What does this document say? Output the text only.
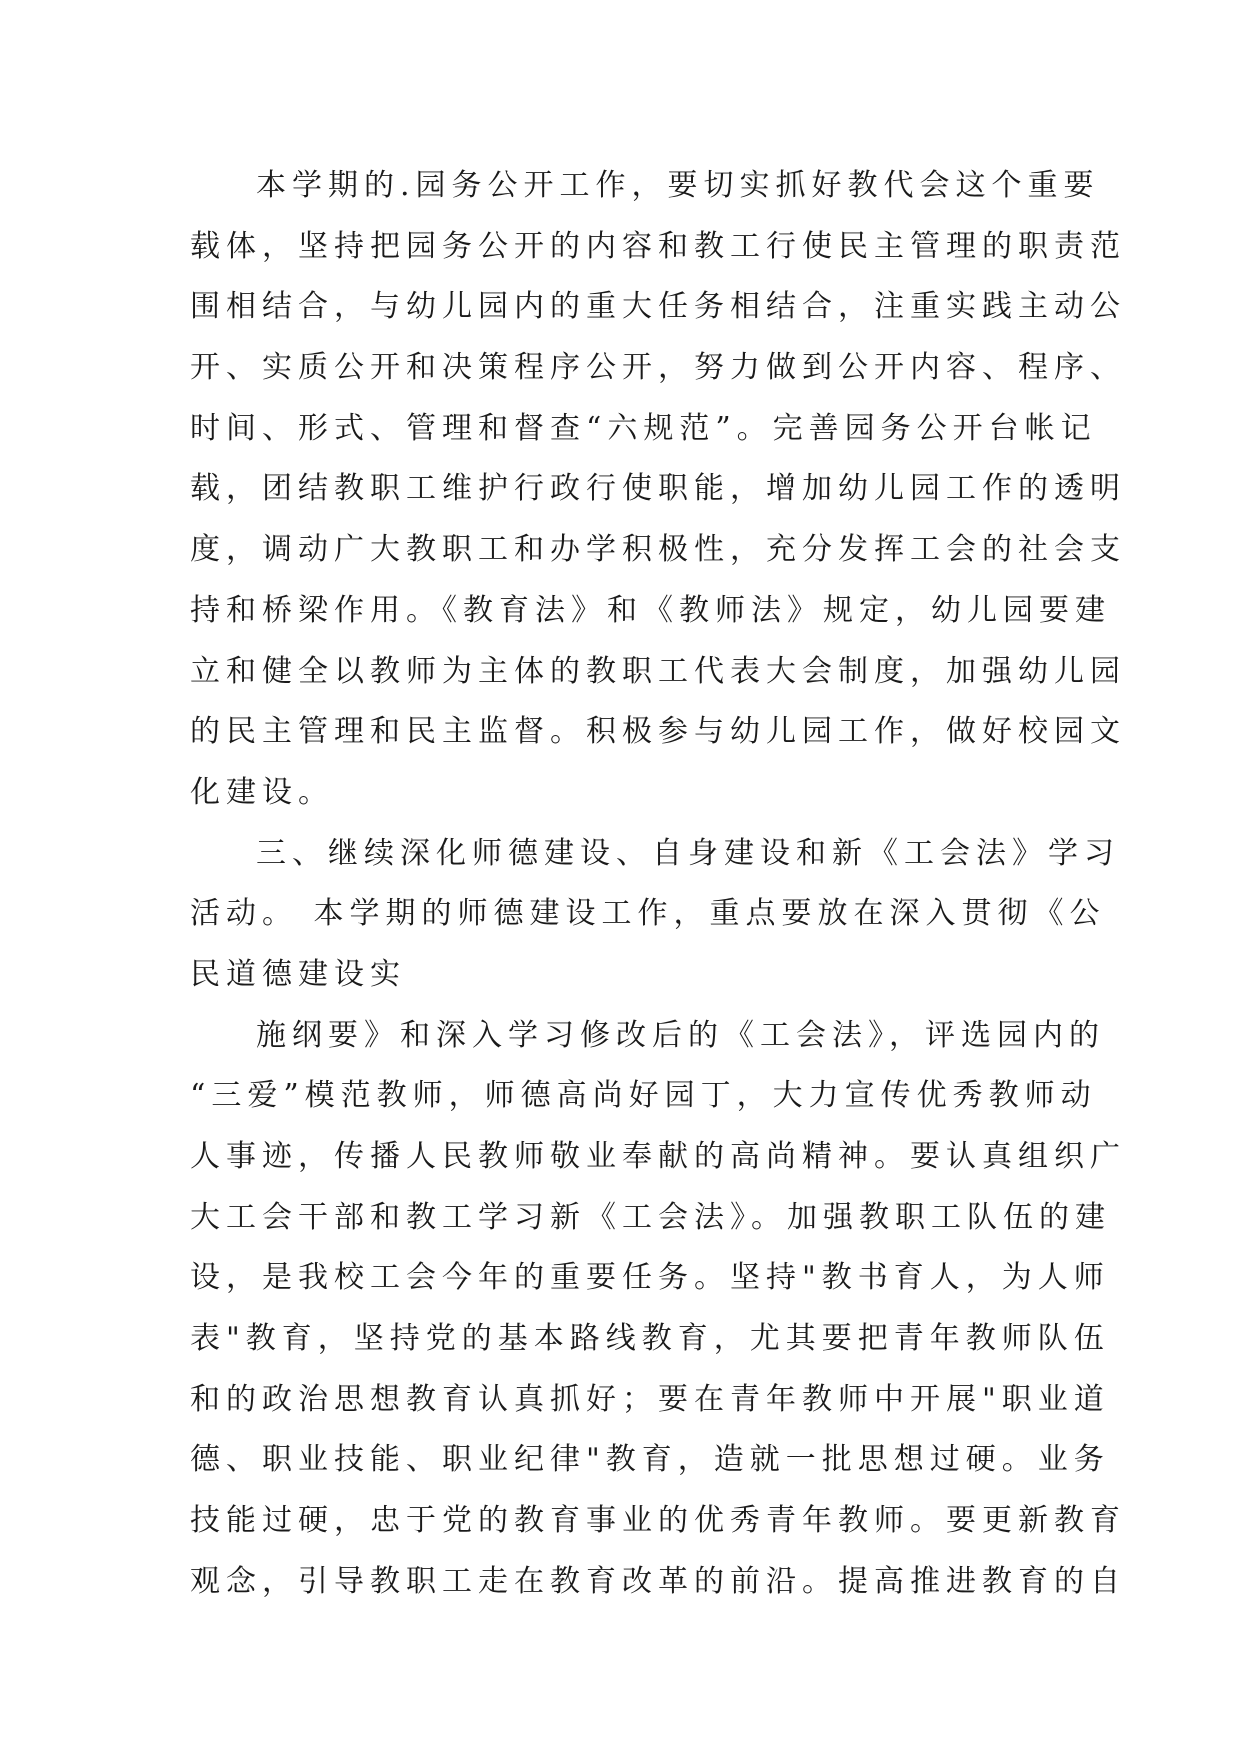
本学期的.园务公开工作，要切实抓好教代会这个重要
载体，坚持把园务公开的内容和教工行使民主管理的职责范
围相结合，与幼儿园内的重大任务相结合，注重实践主动公
开、实质公开和决策程序公开，努力做到公开内容、程序、
时间、形式、管理和督查“六规范”。完善园务公开台帐记
载，团结教职工维护行政行使职能，增加幼儿园工作的透明
度，调动广大教职工和办学积极性，充分发挥工会的社会支
持和桥梁作用。《教育法》和《教师法》规定，幼儿园要建
立和健全以教师为主体的教职工代表大会制度，加强幼儿园
的民主管理和民主监督。积极参与幼儿园工作，做好校园文
化建设。
三、继续深化师德建设、自身建设和新《工会法》学习
活动。 本学期的师德建设工作，重点要放在深入贯彻《公
民道德建设实
施纲要》和深入学习修改后的《工会法》，评选园内的
“三爱”模范教师，师德高尚好园丁，大力宣传优秀教师动
人事迹，传播人民教师敬业奉献的高尚精神。要认真组织广
大工会干部和教工学习新《工会法》。加强教职工队伍的建
设，是我校工会今年的重要任务。坚持"教书育人，为人师
表"教育，坚持党的基本路线教育，尤其要把青年教师队伍
和的政治思想教育认真抓好；要在青年教师中开展"职业道
德、职业技能、职业纪律"教育，造就一批思想过硬。业务
技能过硬，忠于党的教育事业的优秀青年教师。要更新教育
观念，引导教职工走在教育改革的前沿。提高推进教育的自
